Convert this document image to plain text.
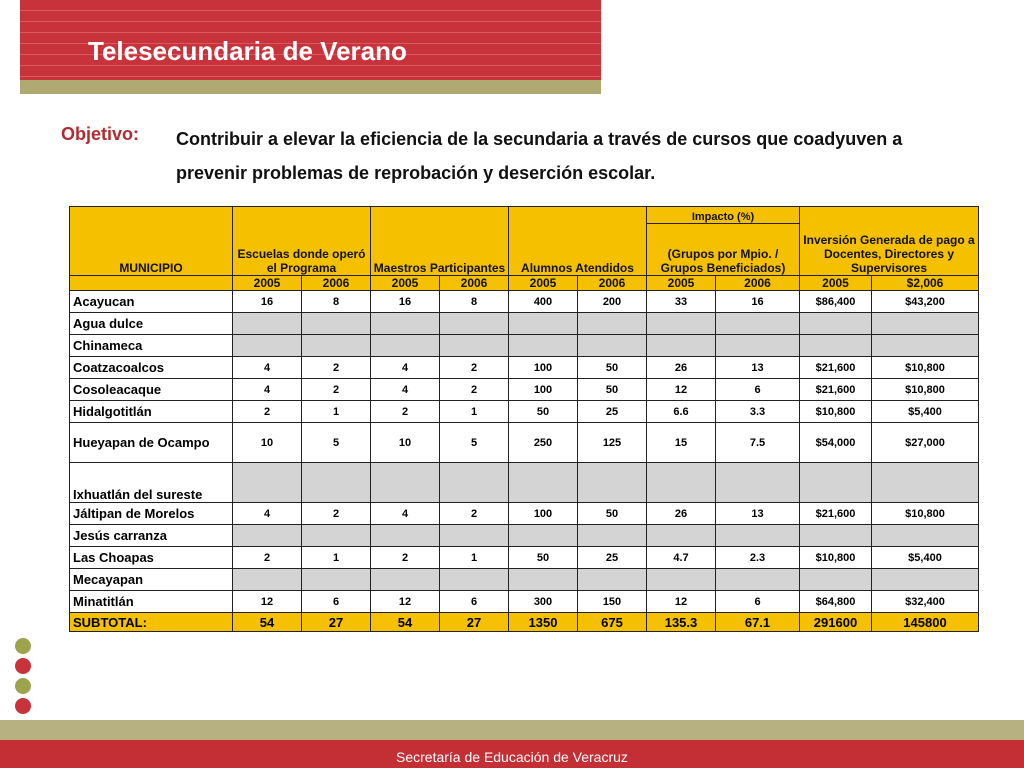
Telesecundaria de Verano
Objetivo: Contribuir a elevar la eficiencia de la secundaria a través de cursos que coadyuven a prevenir problemas de reprobación y deserción escolar.
MUNICIPIO	Escuelas donde operó el Programa		Maestros Participantes		Alumnos Atendidos		Impacto (%)		Inversión Generada de pago a Docentes, Directores y Supervisores	

							(Grupos por Mpio. / Grupos Beneficiados)			
	2005	2006	2005	2006	2005	2006	2005	2006	2005	$2,006
Acayucan	16	8	16	8	400	200	33	16	$86,400	$43,200
Agua dulce										
Chinameca										
Coatzacoalcos	4	2	4	2	100	50	26	13	$21,600	$10,800
Cosoleacaque	4	2	4	2	100	50	12	6	$21,600	$10,800
Hidalgotitlán	2	1	2	1	50	25	6.6	3.3	$10,800	$5,400
Hueyapan de Ocampo	10	5	10	5	250	125	15	7.5	$54,000	$27,000
Ixhuatlán del sureste										
Jáltipan de Morelos	4	2	4	2	100	50	26	13	$21,600	$10,800
Jesús carranza										
Las Choapas	2	1	2	1	50	25	4.7	2.3	$10,800	$5,400
Mecayapan										
Minatitlán	12	6	12	6	300	150	12	6	$64,800	$32,400
SUBTOTAL:	54	27	54	27	1350	675	135.3	67.1	291600	145800
Secretaría de Educación de Veracruz
